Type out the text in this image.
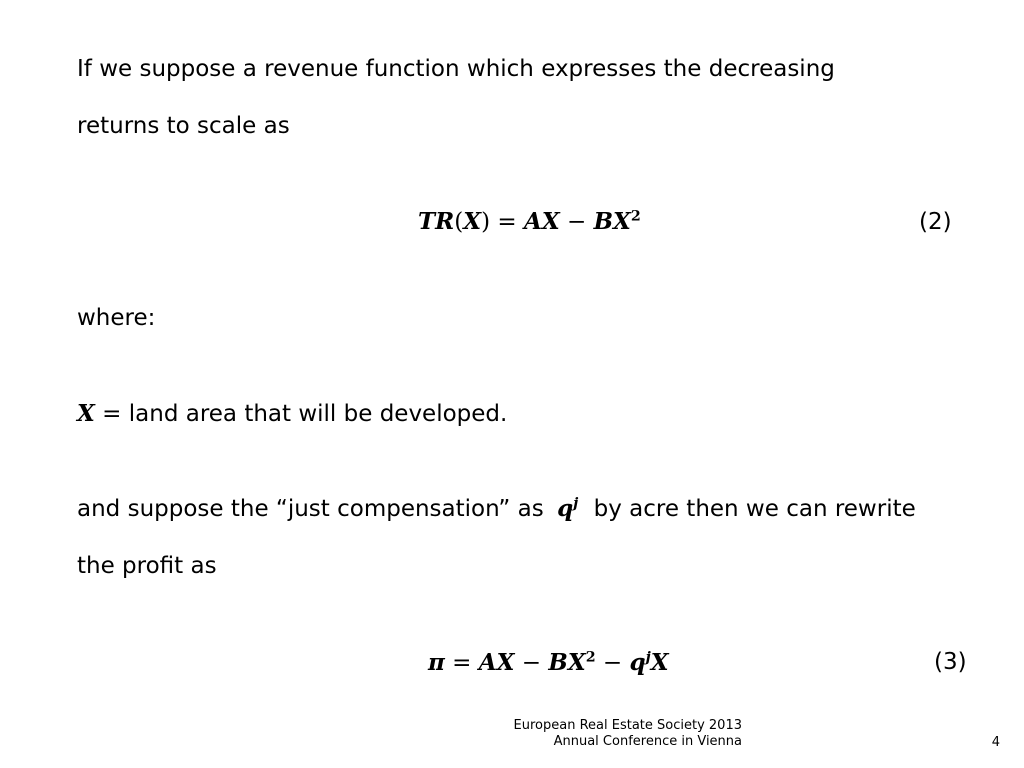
If we suppose a revenue function which expresses the decreasing
returns to scale as
TR(X) = AX − $BX^2$	(2)
where:
X = land area that will be developed.
and suppose the “just compensation” as $q^j$ by acre then we can rewrite
the profit as
π = AX − $BX^2 - q^jX$	(3)
European Real Estate Society 2013
Annual Conference in Vienna	4
